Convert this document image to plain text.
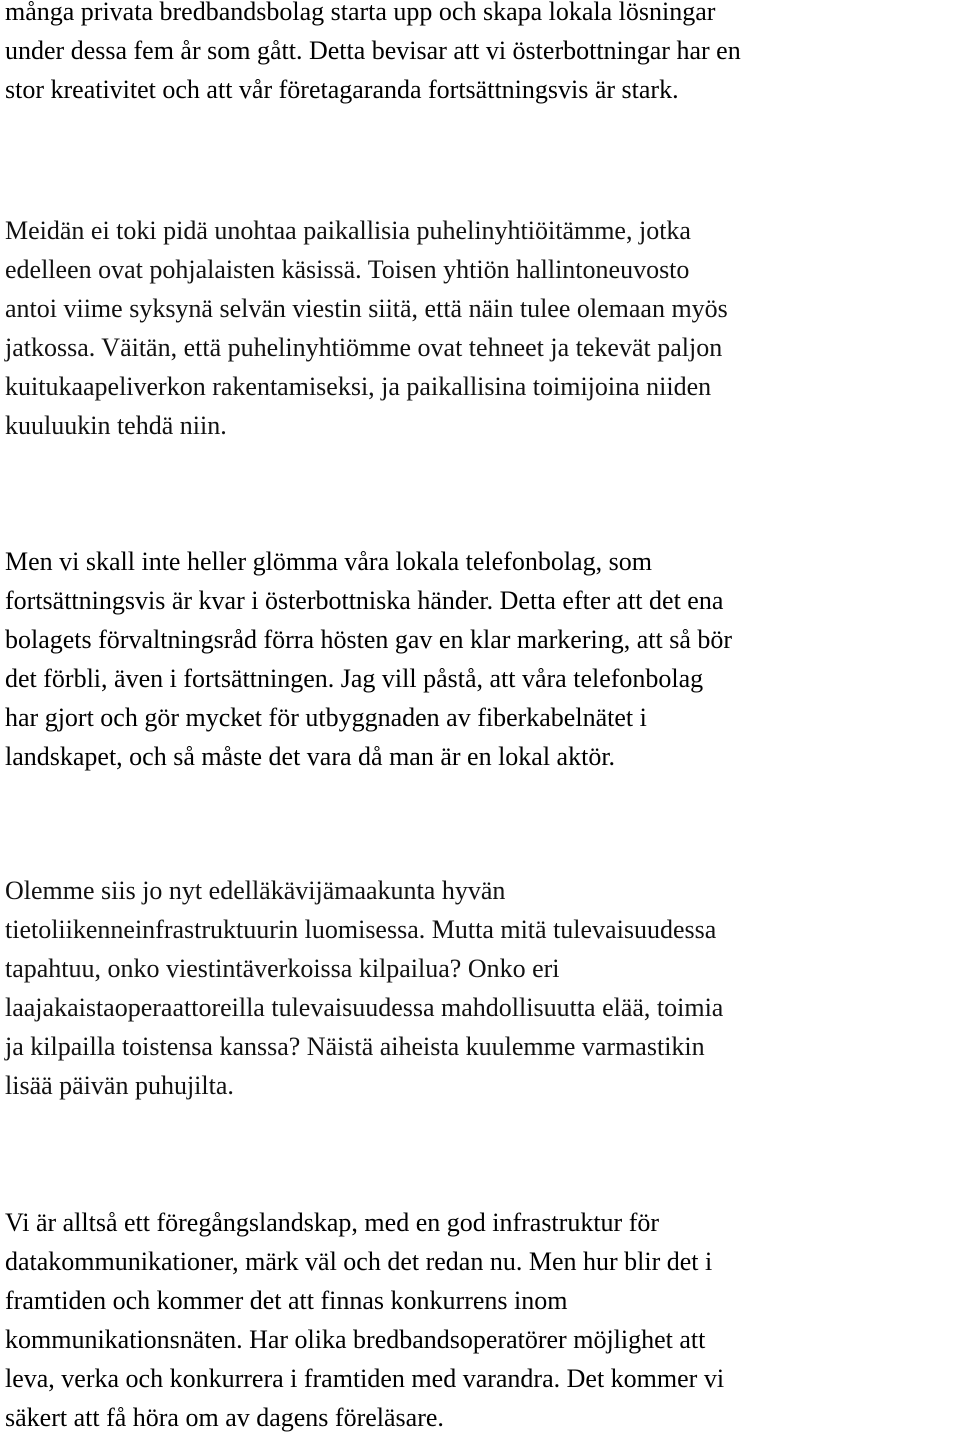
många privata bredbandsbolag starta upp och skapa lokala lösningar
under dessa fem år som gått. Detta bevisar att vi österbottningar har en
stor kreativitet och att vår företagaranda fortsättningsvis är stark.

Meidän ei toki pidä unohtaa paikallisia puhelinyhtiöitämme, jotka
edelleen ovat pohjalaisten käsissä. Toisen yhtiön hallintoneuvosto
antoi viime syksynä selvän viestin siitä, että näin tulee olemaan myös
jatkossa. Väitän, että puhelinyhtiömme ovat tehneet ja tekevät paljon
kuitukaapeliverkon rakentamiseksi, ja paikallisina toimijoina niiden
kuuluukin tehdä niin.

Men vi skall inte heller glömma våra lokala telefonbolag, som
fortsättningsvis är kvar i österbottniska händer. Detta efter att det ena
bolagets förvaltningsråd förra hösten gav en klar markering, att så bör
det förbli, även i fortsättningen. Jag vill påstå, att våra telefonbolag
har gjort och gör mycket för utbyggnaden av fiberkabelnätet i
landskapet, och så måste det vara då man är en lokal aktör.

Olemme siis jo nyt edelläkävijämaakunta hyvän
tietoliikenneinfrastruktuurin luomisessa. Mutta mitä tulevaisuudessa
tapahtuu, onko viestintäverkoissa kilpailua? Onko eri
laajakaistaoperaattoreilla tulevaisuudessa mahdollisuutta elää, toimia
ja kilpailla toistensa kanssa? Näistä aiheista kuulemme varmastikin
lisää päivän puhujilta.

Vi är alltså ett föregångslandskap, med en god infrastruktur för
datakommunikationer, märk väl och det redan nu. Men hur blir det i
framtiden och kommer det att finnas konkurrens inom
kommunikationsnäten. Har olika bredbandsoperatörer möjlighet att
leva, verka och konkurrera i framtiden med varandra. Det kommer vi
säkert att få höra om av dagens föreläsare.
